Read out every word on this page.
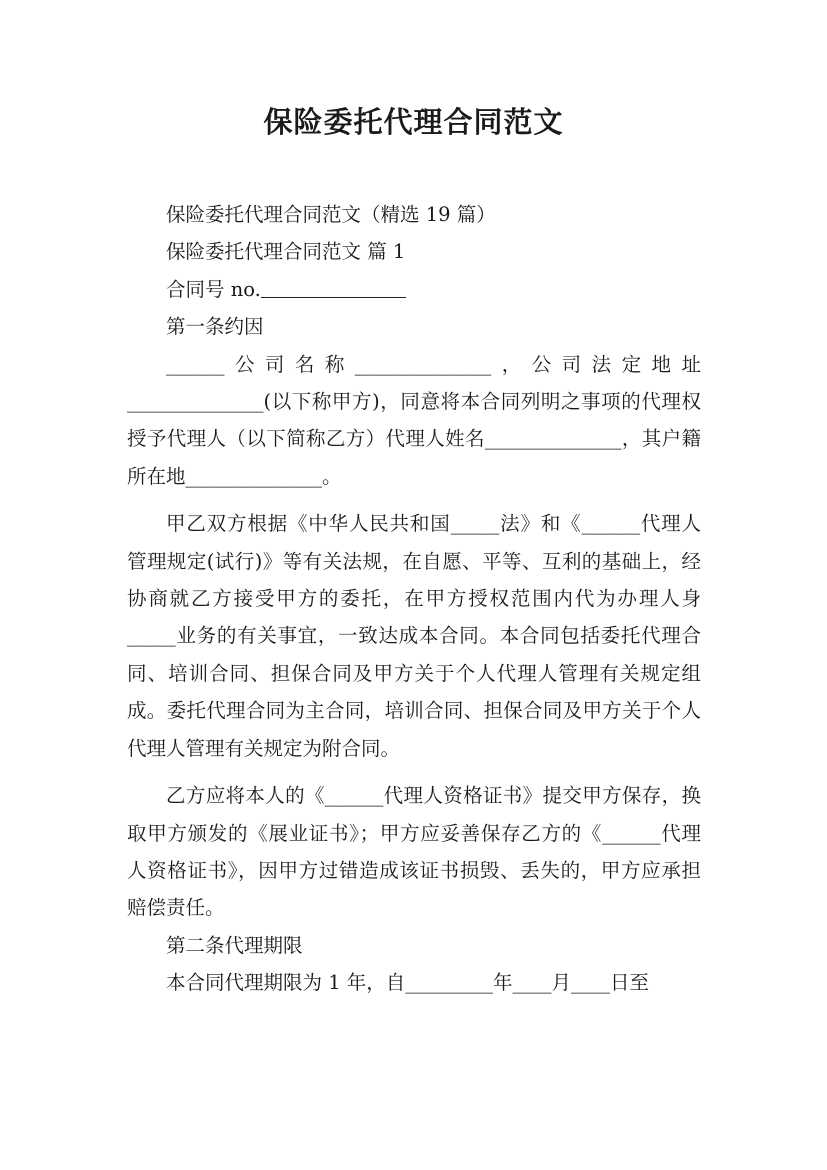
保险委托代理合同范文
保险委托代理合同范文（精选 19 篇）
保险委托代理合同范文 篇 1
合同号 no.
第一条约因

______公司名称______________，公司法定地址______________(以下称甲方)，同意将本合同列明之事项的代理权授予代理人（以下简称乙方）代理人姓名______________，其户籍所在地______________。

甲乙双方根据《中华人民共和国_____法》和《______代理人管理规定(试行)》等有关法规，在自愿、平等、互利的基础上，经协商就乙方接受甲方的委托，在甲方授权范围内代为办理人身_____业务的有关事宜，一致达成本合同。本合同包括委托代理合同、培训合同、担保合同及甲方关于个人代理人管理有关规定组成。委托代理合同为主合同，培训合同、担保合同及甲方关于个人代理人管理有关规定为附合同。

乙方应将本人的《______代理人资格证书》提交甲方保存，换取甲方颁发的《展业证书》；甲方应妥善保存乙方的《______代理人资格证书》，因甲方过错造成该证书损毁、丢失的，甲方应承担赔偿责任。

第二条代理期限
本合同代理期限为 1 年，自_________年____月____日至
